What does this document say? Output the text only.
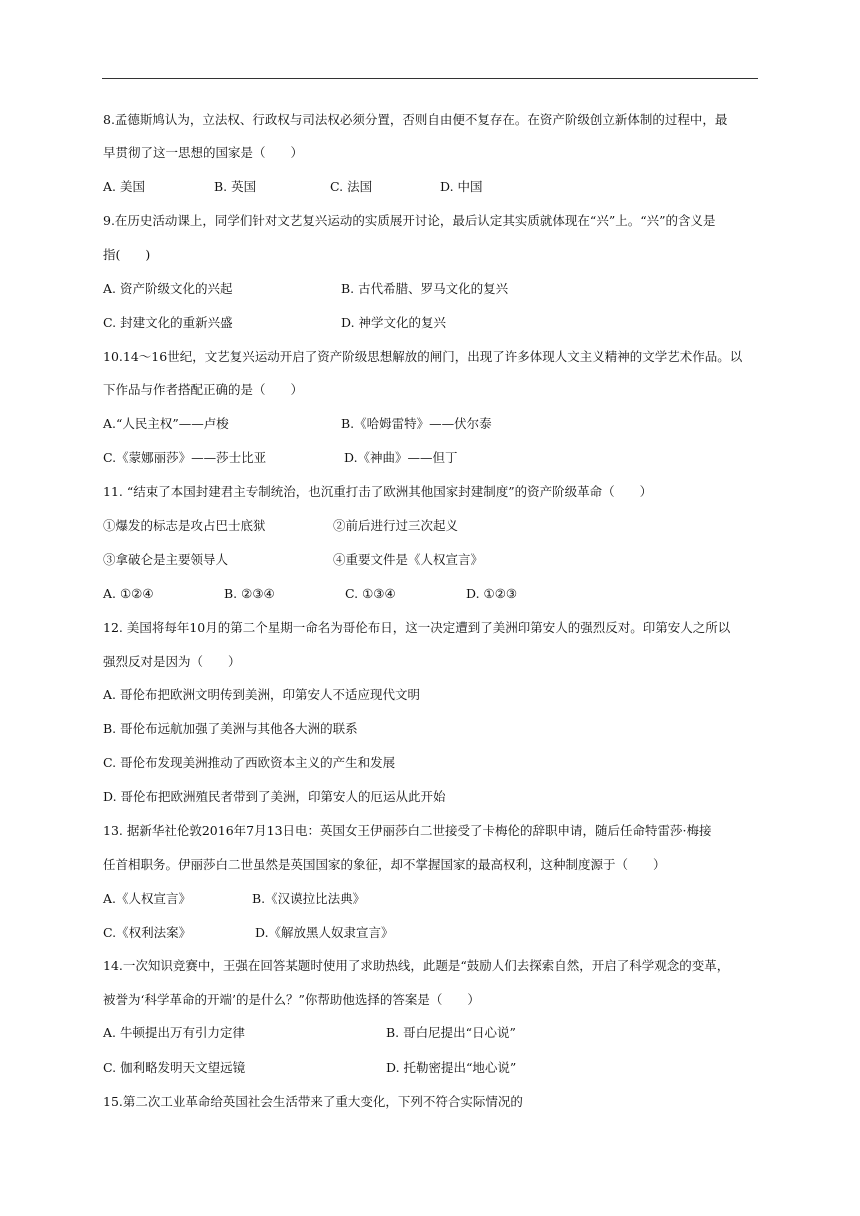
8.孟德斯鸠认为，立法权、行政权与司法权必须分置，否则自由便不复存在。在资产阶级创立新体制的过程中，最
早贯彻了这一思想的国家是（　　）
A. 美国	B. 英国	C. 法国	D. 中国
9.在历史活动课上，同学们针对文艺复兴运动的实质展开讨论，最后认定其实质就体现在“兴”上。“兴”的含义是
指(　　)
A. 资产阶级文化的兴起	B. 古代希腊、罗马文化的复兴
C. 封建文化的重新兴盛	D. 神学文化的复兴
10.14～16世纪，文艺复兴运动开启了资产阶级思想解放的闸门，出现了许多体现人文主义精神的文学艺术作品。以
下作品与作者搭配正确的是（　　）
A.“人民主权”——卢梭	B.《哈姆雷特》——伏尔泰
C.《蒙娜丽莎》——莎士比亚	D.《神曲》——但丁
11. “结束了本国封建君主专制统治，也沉重打击了欧洲其他国家封建制度”的资产阶级革命（　　）
①爆发的标志是攻占巴士底狱	②前后进行过三次起义
③拿破仑是主要领导人	④重要文件是《人权宣言》
A. ①②④	B. ②③④	C. ①③④	D. ①②③
12. 美国将每年10月的第二个星期一命名为哥伦布日，这一决定遭到了美洲印第安人的强烈反对。印第安人之所以
强烈反对是因为（　　）
A. 哥伦布把欧洲文明传到美洲，印第安人不适应现代文明
B. 哥伦布远航加强了美洲与其他各大洲的联系
C. 哥伦布发现美洲推动了西欧资本主义的产生和发展
D. 哥伦布把欧洲殖民者带到了美洲，印第安人的厄运从此开始
13. 据新华社伦敦2016年7月13日电：英国女王伊丽莎白二世接受了卡梅伦的辞职申请，随后任命特雷莎·梅接
任首相职务。伊丽莎白二世虽然是英国国家的象征，却不掌握国家的最高权利，这种制度源于（　　）
A.《人权宣言》	B.《汉谟拉比法典》
C.《权利法案》	D.《解放黑人奴隶宣言》
14.一次知识竞赛中，王强在回答某题时使用了求助热线，此题是“鼓励人们去探索自然，开启了科学观念的变革，
被誉为‘科学革命的开端’的是什么？”你帮助他选择的答案是（　　）
A. 牛顿提出万有引力定律	B. 哥白尼提出“日心说”
C. 伽利略发明天文望远镜	D. 托勒密提出“地心说”
15.第二次工业革命给英国社会生活带来了重大变化，下列不符合实际情况的
